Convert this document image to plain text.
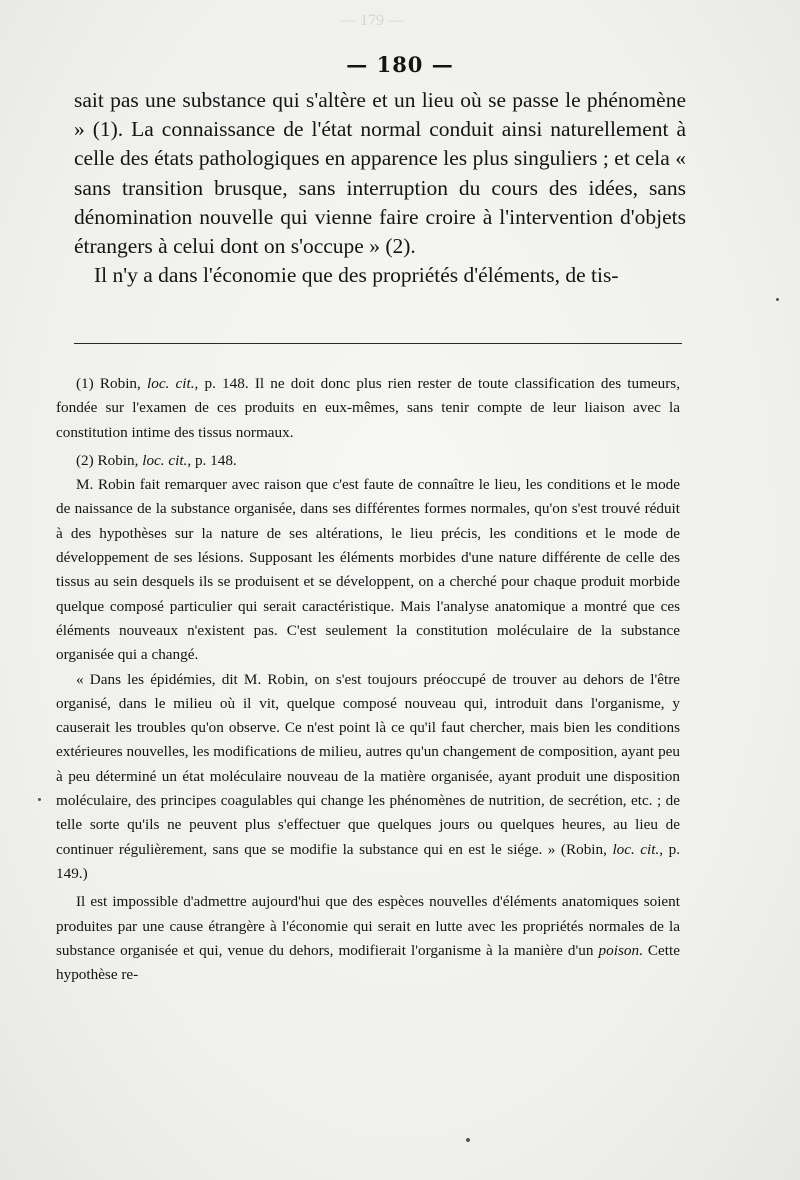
— 179 —
— 180 —

sait pas une substance qui s'altère et un lieu où se passe le phénomène » (1). La connaissance de l'état normal conduit ainsi naturellement à celle des états pathologiques en apparence les plus singuliers ; et cela « sans transition brusque, sans interruption du cours des idées, sans dénomination nouvelle qui vienne faire croire à l'intervention d'objets étrangers à celui dont on s'occupe » (2).

Il n'y a dans l'économie que des propriétés d'éléments, de tis-

(1) Robin, loc. cit., p. 148. Il ne doit donc plus rien rester de toute classification des tumeurs, fondée sur l'examen de ces produits en eux-mêmes, sans tenir compte de leur liaison avec la constitution intime des tissus normaux.

(2) Robin, loc. cit., p. 148.

M. Robin fait remarquer avec raison que c'est faute de connaître le lieu, les conditions et le mode de naissance de la substance organisée, dans ses différentes formes normales, qu'on s'est trouvé réduit à des hypothèses sur la nature de ses altérations, le lieu précis, les conditions et le mode de développement de ses lésions. Supposant les éléments morbides d'une nature différente de celle des tissus au sein desquels ils se produisent et se développent, on a cherché pour chaque produit morbide quelque composé particulier qui serait caractéristique. Mais l'analyse anatomique a montré que ces éléments nouveaux n'existent pas. C'est seulement la constitution moléculaire de la substance organisée qui a changé.

« Dans les épidémies, dit M. Robin, on s'est toujours préoccupé de trouver au dehors de l'être organisé, dans le milieu où il vit, quelque composé nouveau qui, introduit dans l'organisme, y causerait les troubles qu'on observe. Ce n'est point là ce qu'il faut chercher, mais bien les conditions extérieures nouvelles, les modifications de milieu, autres qu'un changement de composition, ayant peu à peu déterminé un état moléculaire nouveau de la matière organisée, ayant produit une disposition moléculaire, des principes coagulables qui change les phénomènes de nutrition, de secrétion, etc. ; de telle sorte qu'ils ne peuvent plus s'effectuer que quelques jours ou quelques heures, au lieu de continuer régulièrement, sans que se modifie la substance qui en est le siége. » (Robin, loc. cit., p. 149.)

Il est impossible d'admettre aujourd'hui que des espèces nouvelles d'éléments anatomiques soient produites par une cause étrangère à l'économie qui serait en lutte avec les propriétés normales de la substance organisée et qui, venue du dehors, modifierait l'organisme à la manière d'un poison. Cette hypothèse re-
